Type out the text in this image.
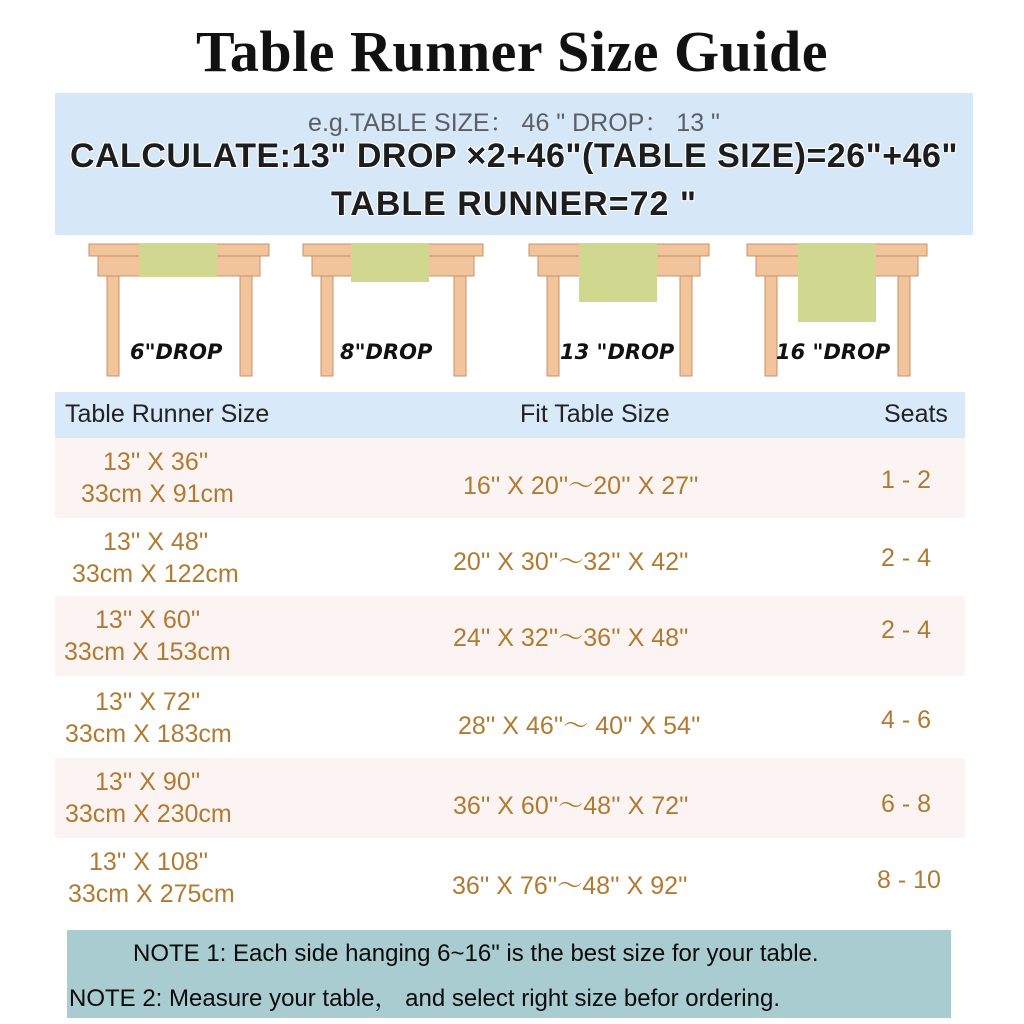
Table Runner Size Guide
e.g.TABLE SIZE： 46 " DROP： 13 "
CALCULATE:13" DROP ×2+46"(TABLE SIZE)=26"+46"
TABLE RUNNER=72 "
6"DROP	8"DROP	13 "DROP	16 "DROP
Table Runner Size	Fit Table Size	Seats
13'' X 36''
33cm X 91cm	16'' X 20''～20'' X 27''	1 - 2
13'' X 48''
33cm X 122cm	20'' X 30''～32'' X 42''	2 - 4
13'' X 60''
33cm X 153cm	24'' X 32''～36'' X 48''	2 - 4
13'' X 72''
33cm X 183cm	28'' X 46''～ 40'' X 54''	4 - 6
13'' X 90''
33cm X 230cm	36'' X 60''～48'' X 72''	6 - 8
13'' X 108''
33cm X 275cm	36'' X 76''～48'' X 92''	8 - 10
NOTE 1: Each side hanging 6~16" is the best size for your table.
NOTE 2: Measure your table， and select right size befor ordering.
